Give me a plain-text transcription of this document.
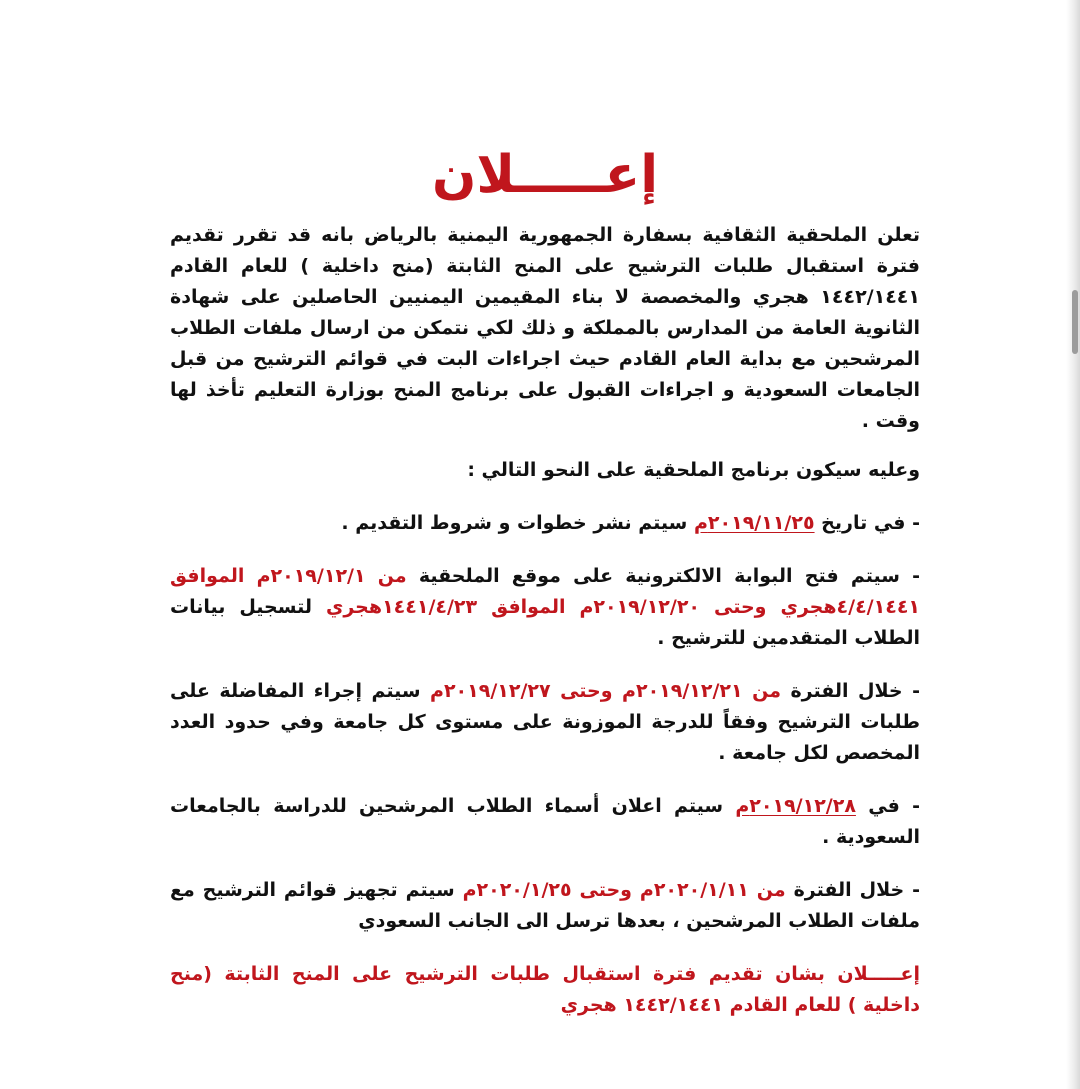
إعـــــلان

تعلن الملحقية الثقافية بسفارة الجمهورية اليمنية بالرياض بانه قد تقرر تقديم فترة استقبال طلبات الترشيح على المنح الثابتة (منح داخلية ) للعام القادم ١٤٤٢/١٤٤١ هجري والمخصصة لا بناء المقيمين اليمنيين الحاصلين على شهادة الثانوية العامة من المدارس بالمملكة و ذلك لكي نتمكن من ارسال ملفات الطلاب المرشحين مع بداية العام القادم حيث اجراءات البت في قوائم الترشيح من قبل الجامعات السعودية و اجراءات القبول على برنامج المنح بوزارة التعليم تأخذ لها وقت .

وعليه سيكون برنامج الملحقية على النحو التالي :

- في تاريخ ٢٠١٩/١١/٢٥م سيتم نشر خطوات و شروط التقديم .

- سيتم فتح البوابة الالكترونية على موقع الملحقية من ٢٠١٩/١٢/١م الموافق ٤/٤/١٤٤١هجري وحتى ٢٠١٩/١٢/٢٠م الموافق ١٤٤١/٤/٢٣هجري لتسجيل بيانات الطلاب المتقدمين للترشيح .

- خلال الفترة من ٢٠١٩/١٢/٢١م وحتى ٢٠١٩/١٢/٢٧م سيتم إجراء المفاضلة على طلبات الترشيح وفقاً للدرجة الموزونة على مستوى كل جامعة وفي حدود العدد المخصص لكل جامعة .

- في ٢٠١٩/١٢/٢٨م سيتم اعلان أسماء الطلاب المرشحين للدراسة بالجامعات السعودية .

- خلال الفترة من ٢٠٢٠/١/١١م وحتى ٢٠٢٠/١/٢٥م سيتم تجهيز قوائم الترشيح مع ملفات الطلاب المرشحين ، بعدها ترسل الى الجانب السعودي

إعـــــلان بشان تقديم فترة استقبال طلبات الترشيح على المنح الثابتة (منح داخلية ) للعام القادم ١٤٤٢/١٤٤١ هجري
